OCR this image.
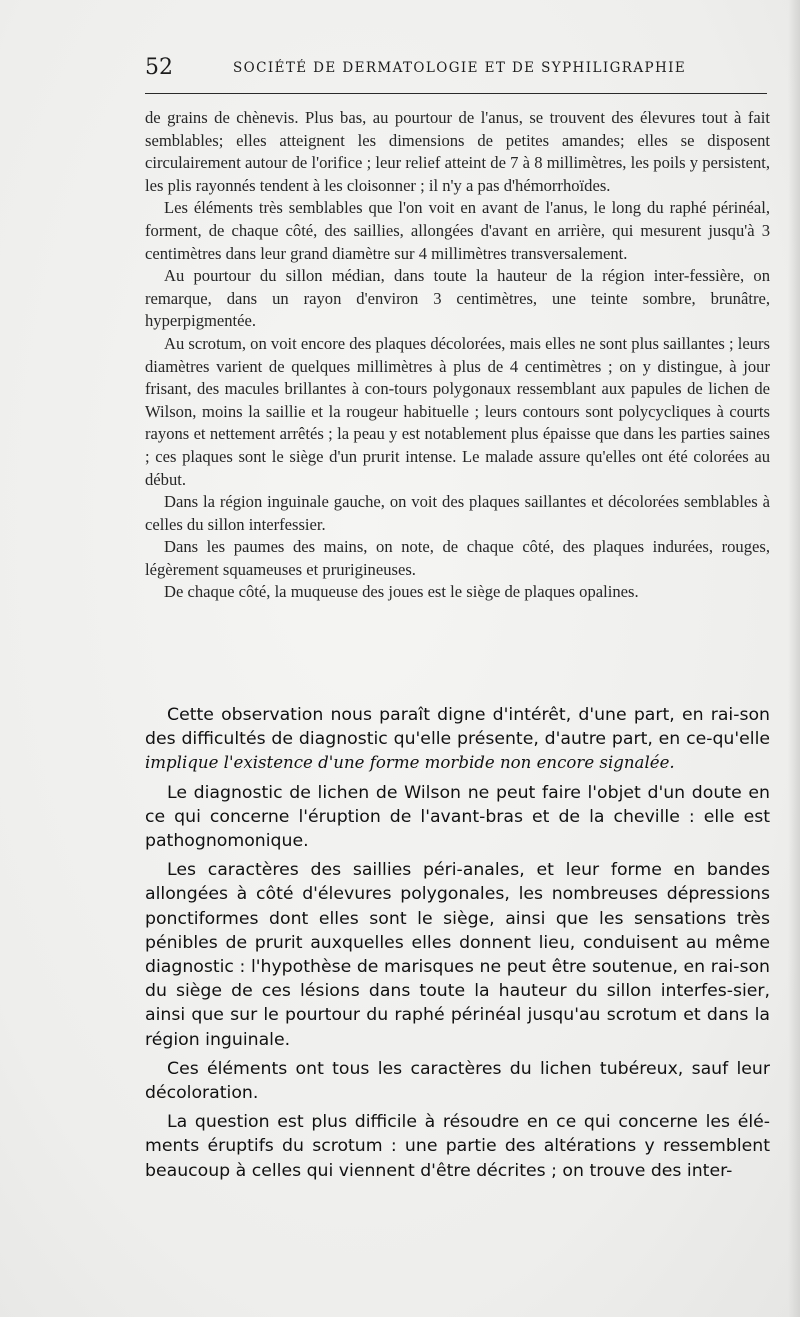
52	SOCIÉTÉ DE DERMATOLOGIE ET DE SYPHILIGRAPHIE

de grains de chènevis. Plus bas, au pourtour de l'anus, se trouvent des élevures tout à fait semblables; elles atteignent les dimensions de petites amandes; elles se disposent circulairement autour de l'orifice ; leur relief atteint de 7 à 8 millimètres, les poils y persistent, les plis rayonnés tendent à les cloisonner ; il n'y a pas d'hémorrhoïdes.

Les éléments très semblables que l'on voit en avant de l'anus, le long du raphé périnéal, forment, de chaque côté, des saillies, allongées d'avant en arrière, qui mesurent jusqu'à 3 centimètres dans leur grand diamètre sur 4 millimètres transversalement.

Au pourtour du sillon médian, dans toute la hauteur de la région inter-fessière, on remarque, dans un rayon d'environ 3 centimètres, une teinte sombre, brunâtre, hyperpigmentée.

Au scrotum, on voit encore des plaques décolorées, mais elles ne sont plus saillantes ; leurs diamètres varient de quelques millimètres à plus de 4 centimètres ; on y distingue, à jour frisant, des macules brillantes à con-tours polygonaux ressemblant aux papules de lichen de Wilson, moins la saillie et la rougeur habituelle ; leurs contours sont polycycliques à courts rayons et nettement arrêtés ; la peau y est notablement plus épaisse que dans les parties saines ; ces plaques sont le siège d'un prurit intense. Le malade assure qu'elles ont été colorées au début.

Dans la région inguinale gauche, on voit des plaques saillantes et décolorées semblables à celles du sillon interfessier.

Dans les paumes des mains, on note, de chaque côté, des plaques indurées, rouges, légèrement squameuses et prurigineuses.

De chaque côté, la muqueuse des joues est le siège de plaques opalines.

Cette observation nous paraît digne d'intérêt, d'une part, en rai-son des difficultés de diagnostic qu'elle présente, d'autre part, en ce-qu'elle implique l'existence d'une forme morbide non encore signalée.

Le diagnostic de lichen de Wilson ne peut faire l'objet d'un doute en ce qui concerne l'éruption de l'avant-bras et de la cheville : elle est pathognomonique.

Les caractères des saillies péri-anales, et leur forme en bandes allongées à côté d'élevures polygonales, les nombreuses dépressions ponctiformes dont elles sont le siège, ainsi que les sensations très pénibles de prurit auxquelles elles donnent lieu, conduisent au même diagnostic : l'hypothèse de marisques ne peut être soutenue, en rai-son du siège de ces lésions dans toute la hauteur du sillon interfes-sier, ainsi que sur le pourtour du raphé périnéal jusqu'au scrotum et dans la région inguinale.

Ces éléments ont tous les caractères du lichen tubéreux, sauf leur décoloration.

La question est plus difficile à résoudre en ce qui concerne les élé-ments éruptifs du scrotum : une partie des altérations y ressemblent beaucoup à celles qui viennent d'être décrites ; on trouve des inter-
